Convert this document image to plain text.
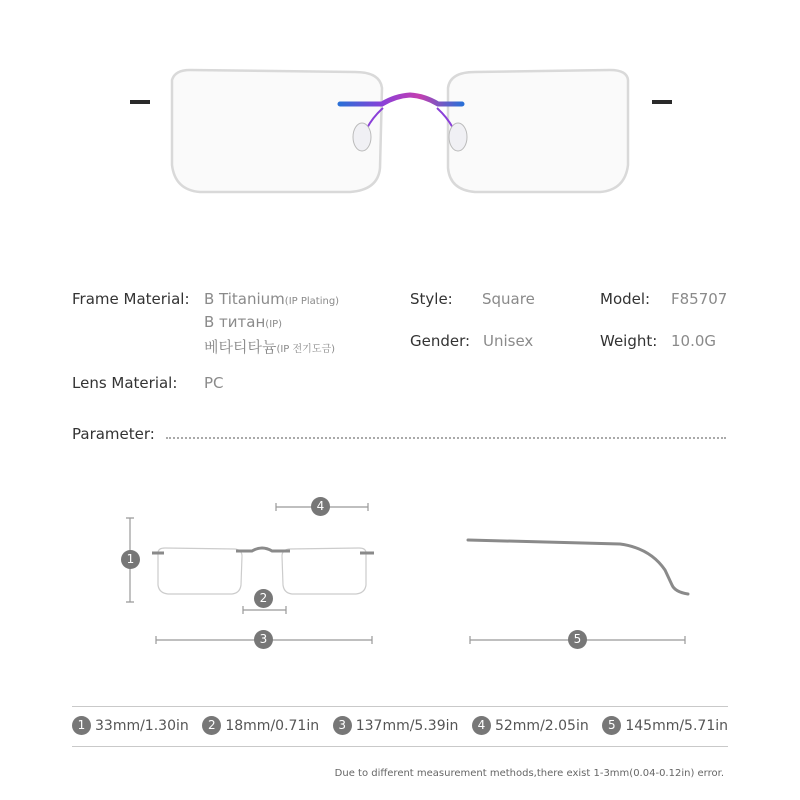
Frame Material: B Titanium(IP Plating)
B титан(IP)
베타티타늄(IP 전기도금)
Style: Square	Model: F85707
Gender: Unisex	Weight: 10.0G
Lens Material: PC
Parameter:
1
4
2
3	5
1 33mm/1.30in	2 18mm/0.71in	3 137mm/5.39in	4 52mm/2.05in	5 145mm/5.71in
Due to different measurement methods,there exist 1-3mm(0.04-0.12in) error.
